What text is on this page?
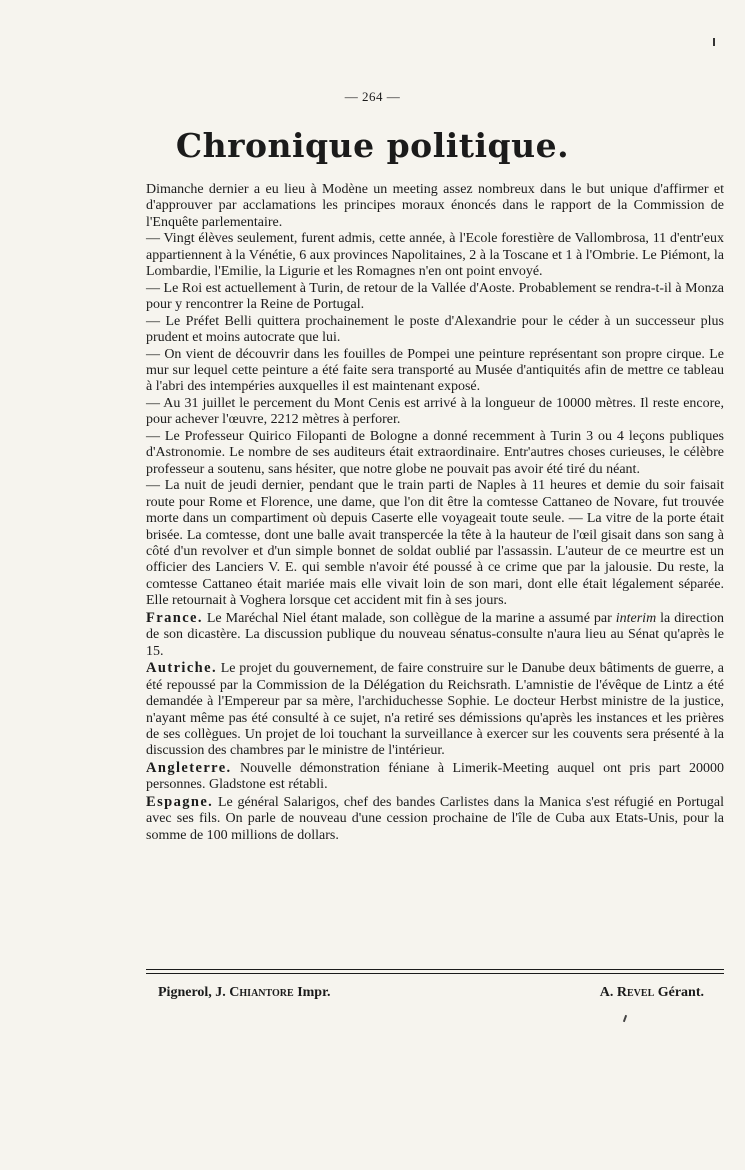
— 264 —
Chronique politique.

Dimanche dernier a eu lieu à Modène un meeting assez nombreux dans le but unique d'affirmer et d'approuver par acclamations les principes moraux énoncés dans le rapport de la Commission de l'Enquête parlementaire.

— Vingt élèves seulement, furent admis, cette année, à l'Ecole forestière de Vallombrosa, 11 d'entr'eux appartiennent à la Vénétie, 6 aux provinces Napolitaines, 2 à la Toscane et 1 à l'Ombrie. Le Piémont, la Lombardie, l'Emilie, la Ligurie et les Romagnes n'en ont point envoyé.

— Le Roi est actuellement à Turin, de retour de la Vallée d'Aoste. Probablement se rendra-t-il à Monza pour y rencontrer la Reine de Portugal.

— Le Préfet Belli quittera prochainement le poste d'Alexandrie pour le céder à un successeur plus prudent et moins autocrate que lui.

— On vient de découvrir dans les fouilles de Pompei une peinture représentant son propre cirque. Le mur sur lequel cette peinture a été faite sera transporté au Musée d'antiquités afin de mettre ce tableau à l'abri des intempéries auxquelles il est maintenant exposé.

— Au 31 juillet le percement du Mont Cenis est arrivé à la longueur de 10000 mètres. Il reste encore, pour achever l'œuvre, 2212 mètres à perforer.

— Le Professeur Quirico Filopanti de Bologne a donné recemment à Turin 3 ou 4 leçons publiques d'Astronomie. Le nombre de ses auditeurs était extraordinaire. Entr'autres choses curieuses, le célèbre professeur a soutenu, sans hésiter, que notre globe ne pouvait pas avoir été tiré du néant.

— La nuit de jeudi dernier, pendant que le train parti de Naples à 11 heures et demie du soir faisait route pour Rome et Florence, une dame, que l'on dit être la comtesse Cattaneo de Novare, fut trouvée morte dans un compartiment où depuis Caserte elle voyageait toute seule. — La vitre de la porte était brisée. La comtesse, dont une balle avait transpercée la tête à la hauteur de l'œil gisait dans son sang à côté d'un revolver et d'un simple bonnet de soldat oublié par l'assassin. L'auteur de ce meurtre est un officier des Lanciers V. E. qui semble n'avoir été poussé à ce crime que par la jalousie. Du reste, la comtesse Cattaneo était mariée mais elle vivait loin de son mari, dont elle était légalement séparée. Elle retournait à Voghera lorsque cet accident mit fin à ses jours.

France. Le Maréchal Niel étant malade, son collègue de la marine a assumé par interim la direction de son dicastère. La discussion publique du nouveau sénatus-consulte n'aura lieu au Sénat qu'après le 15.

Autriche. Le projet du gouvernement, de faire construire sur le Danube deux bâtiments de guerre, a été repoussé par la Commission de la Délégation du Reichsrath. L'amnistie de l'évêque de Lintz a été demandée à l'Empereur par sa mère, l'archiduchesse Sophie. Le docteur Herbst ministre de la justice, n'ayant même pas été consulté à ce sujet, n'a retiré ses démissions qu'après les instances et les prières de ses collègues. Un projet de loi touchant la surveillance à exercer sur les couvents sera présenté à la discussion des chambres par le ministre de l'intérieur.

Angleterre. Nouvelle démonstration fénianе à Limerik-Meeting auquel ont pris part 20000 personnes. Gladstone est rétabli.

Espagne. Le général Salarigos, chef des bandes Carlistes dans la Manica s'est réfugié en Portugal avec ses fils. On parle de nouveau d'une cession prochaine de l'île de Cuba aux Etats-Unis, pour la somme de 100 millions de dollars.

Pignerol, J. Chiantore Impr.	A. Revel Gérant.
